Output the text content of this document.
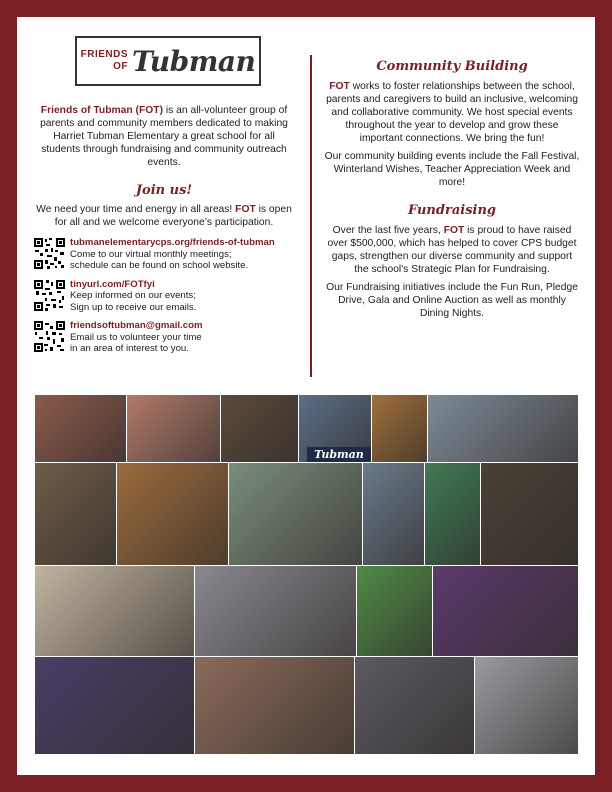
FRIENDS
OF Tubman

Friends of Tubman (FOT) is an all-volunteer group of parents and community members dedicated to making Harriet Tubman Elementary a great school for all students through fundraising and community outreach events.

Join us!

We need your time and energy in all areas! FOT is open for all and we welcome everyone’s participation.

tubmanelementarycps.org/friends-of-tubman
Come to our virtual monthly meetings;
schedule can be found on school website.
tinyurl.com/FOTfyi
Keep informed on our events;
Sign up to receive our emails.
friendsoftubman@gmail.com
Email us to volunteer your time
in an area of interest to you.

Community Building

FOT works to foster relationships between the school, parents and caregivers to build an inclusive, welcoming and collaborative community. We host special events throughout the year to develop and grow these important connections. We bring the fun!

Our community building events include the Fall Festival, Winterland Wishes, Teacher Appreciation Week and more!

Fundraising

Over the last five years, FOT is proud to have raised over $500,000, which has helped to cover CPS budget gaps, strengthen our diverse community and support the school's Strategic Plan for Fundraising.

Our Fundraising initiatives include the Fun Run, Pledge Drive, Gala and Online Auction as well as monthly Dining Nights.

Tubman
